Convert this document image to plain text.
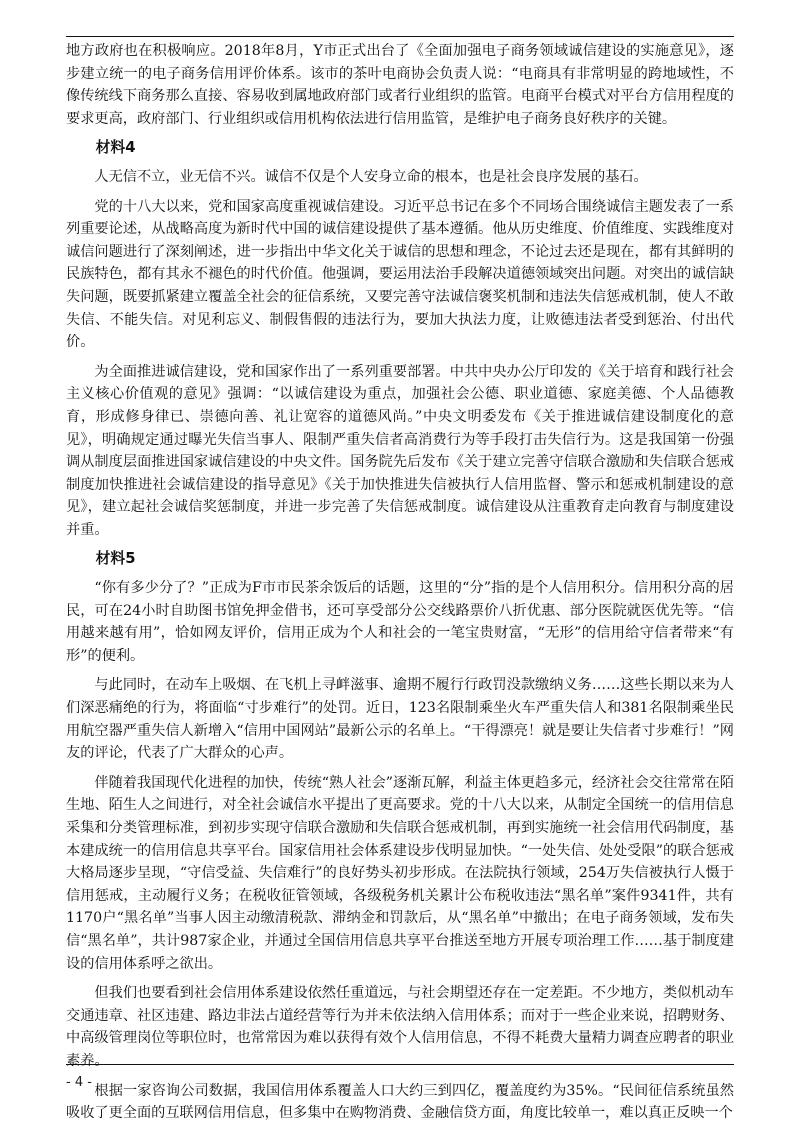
地方政府也在积极响应。2018年8月，Y市正式出台了《全面加强电子商务领域诚信建设的实施意见》，逐步建立统一的电子商务信用评价体系。该市的茶叶电商协会负责人说：“电商具有非常明显的跨地域性，不像传统线下商务那么直接、容易收到属地政府部门或者行业组织的监管。电商平台模式对平台方信用程度的要求更高，政府部门、行业组织或信用机构依法进行信用监管，是维护电子商务良好秩序的关键。

材料4

人无信不立，业无信不兴。诚信不仅是个人安身立命的根本，也是社会良序发展的基石。

党的十八大以来，党和国家高度重视诚信建设。习近平总书记在多个不同场合围绕诚信主题发表了一系列重要论述，从战略高度为新时代中国的诚信建设提供了基本遵循。他从历史维度、价值维度、实践维度对诚信问题进行了深刻阐述，进一步指出中华文化关于诚信的思想和理念，不论过去还是现在，都有其鲜明的民族特色，都有其永不褪色的时代价值。他强调，要运用法治手段解决道德领域突出问题。对突出的诚信缺失问题，既要抓紧建立覆盖全社会的征信系统，又要完善守法诚信褒奖机制和违法失信惩戒机制，使人不敢失信、不能失信。对见利忘义、制假售假的违法行为，要加大执法力度，让败德违法者受到惩治、付出代价。

为全面推进诚信建设，党和国家作出了一系列重要部署。中共中央办公厅印发的《关于培育和践行社会主义核心价值观的意见》强调：“以诚信建设为重点，加强社会公德、职业道德、家庭美德、个人品德教育，形成修身律已、崇德向善、礼让宽容的道德风尚。”中央文明委发布《关于推进诚信建设制度化的意见》，明确规定通过曝光失信当事人、限制严重失信者高消费行为等手段打击失信行为。这是我国第一份强调从制度层面推进国家诚信建设的中央文件。国务院先后发布《关于建立完善守信联合激励和失信联合惩戒制度加快推进社会诚信建设的指导意见》《关于加快推进失信被执行人信用监督、警示和惩戒机制建设的意见》，建立起社会诚信奖惩制度，并进一步完善了失信惩戒制度。诚信建设从注重教育走向教育与制度建设并重。

材料5

“你有多少分了？”正成为F市市民茶余饭后的话题，这里的“分”指的是个人信用积分。信用积分高的居民，可在24小时自助图书馆免押金借书，还可享受部分公交线路票价八折优惠、部分医院就医优先等。“信用越来越有用”，恰如网友评价，信用正成为个人和社会的一笔宝贵财富，“无形”的信用给守信者带来“有形”的便利。

与此同时，在动车上吸烟、在飞机上寻衅滋事、逾期不履行行政罚没款缴纳义务……这些长期以来为人们深恶痛绝的行为，将面临“寸步难行”的处罚。近日，123名限制乘坐火车严重失信人和381名限制乘坐民用航空器严重失信人新增入“信用中国网站”最新公示的名单上。“干得漂亮！就是要让失信者寸步难行！”网友的评论，代表了广大群众的心声。

伴随着我国现代化进程的加快，传统“熟人社会”逐渐瓦解，利益主体更趋多元，经济社会交往常常在陌生地、陌生人之间进行，对全社会诚信水平提出了更高要求。党的十八大以来，从制定全国统一的信用信息采集和分类管理标准，到初步实现守信联合激励和失信联合惩戒机制，再到实施统一社会信用代码制度，基本建成统一的信用信息共享平台。国家信用社会体系建设步伐明显加快。“一处失信、处处受限”的联合惩戒大格局逐步呈现，“守信受益、失信难行”的良好势头初步形成。在法院执行领域，254万失信被执行人慑于信用惩戒，主动履行义务；在税收征管领域，各级税务机关累计公布税收违法“黑名单”案件9341件，共有1170户“黑名单”当事人因主动缴清税款、滞纳金和罚款后，从“黑名单”中撤出；在电子商务领域，发布失信“黑名单”，共计987家企业，并通过全国信用信息共享平台推送至地方开展专项治理工作……基于制度建设的信用体系呼之欲出。

但我们也要看到社会信用体系建设依然任重道远，与社会期望还存在一定差距。不少地方，类似机动车交通违章、社区违建、路边非法占道经营等行为并未依法纳入信用体系；而对于一些企业来说，招聘财务、中高级管理岗位等职位时，也常常因为难以获得有效个人信用信息，不得不耗费大量精力调查应聘者的职业素养。

根据一家咨询公司数据，我国信用体系覆盖人口大约三到四亿，覆盖度约为35%。“民间征信系统虽然吸收了更全面的互联网信用信息，但多集中在购物消费、金融信贷方面，角度比较单一，难以真正反映一个

- 4 -
